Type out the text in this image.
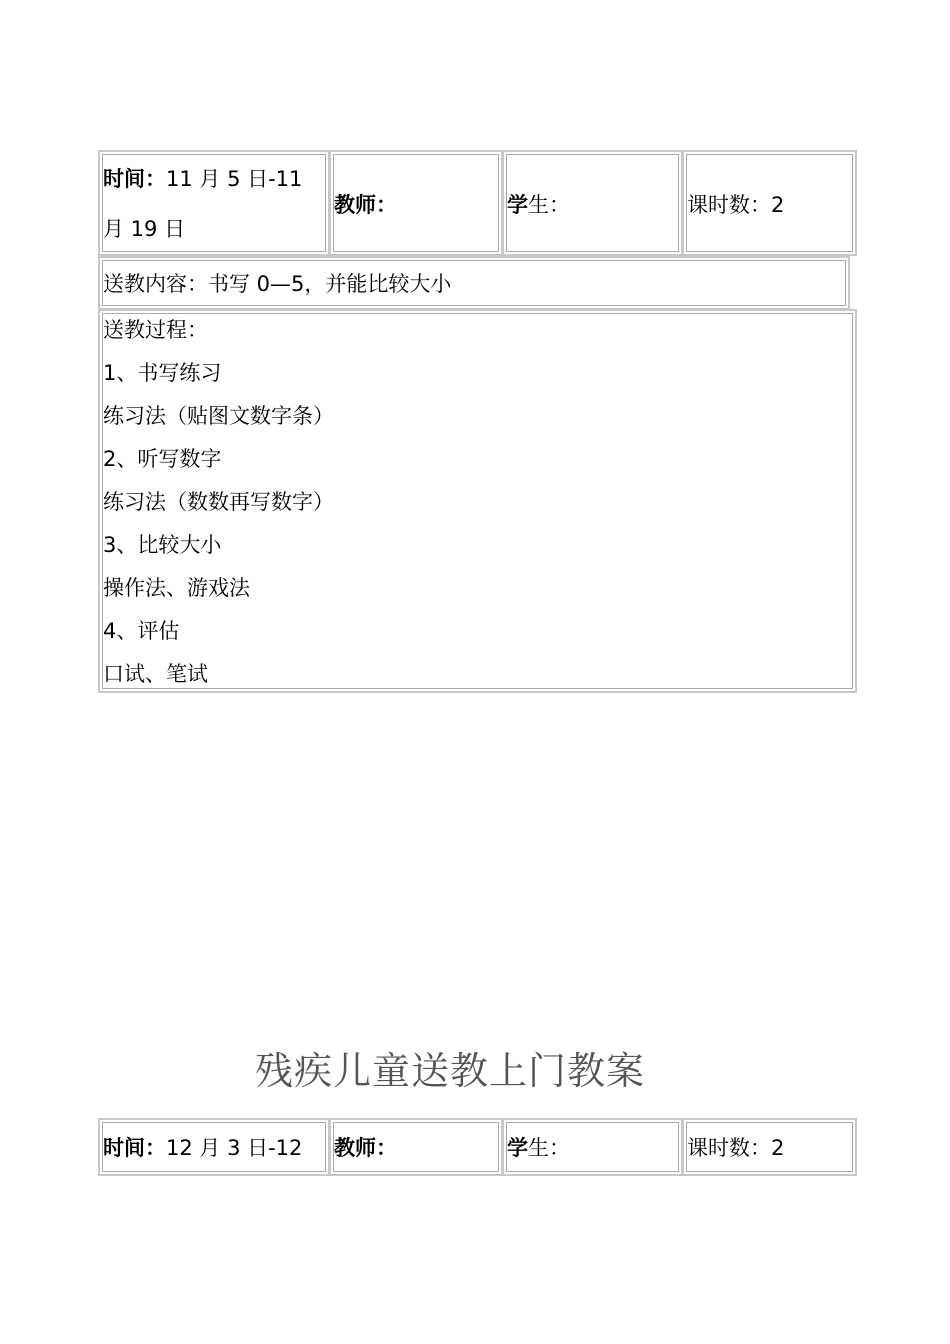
时间：11 月 5 日-11
月 19 日
教师：	学生：	课时数：2
送教内容：书写 0—5，并能比较大小
送教过程：
1、书写练习
练习法（贴图文数字条）
2、听写数字
练习法（数数再写数字）
3、比较大小
操作法、游戏法
4、评估
口试、笔试
残疾儿童送教上门教案
时间：12 月 3 日-12	教师：	学生：	课时数：2
